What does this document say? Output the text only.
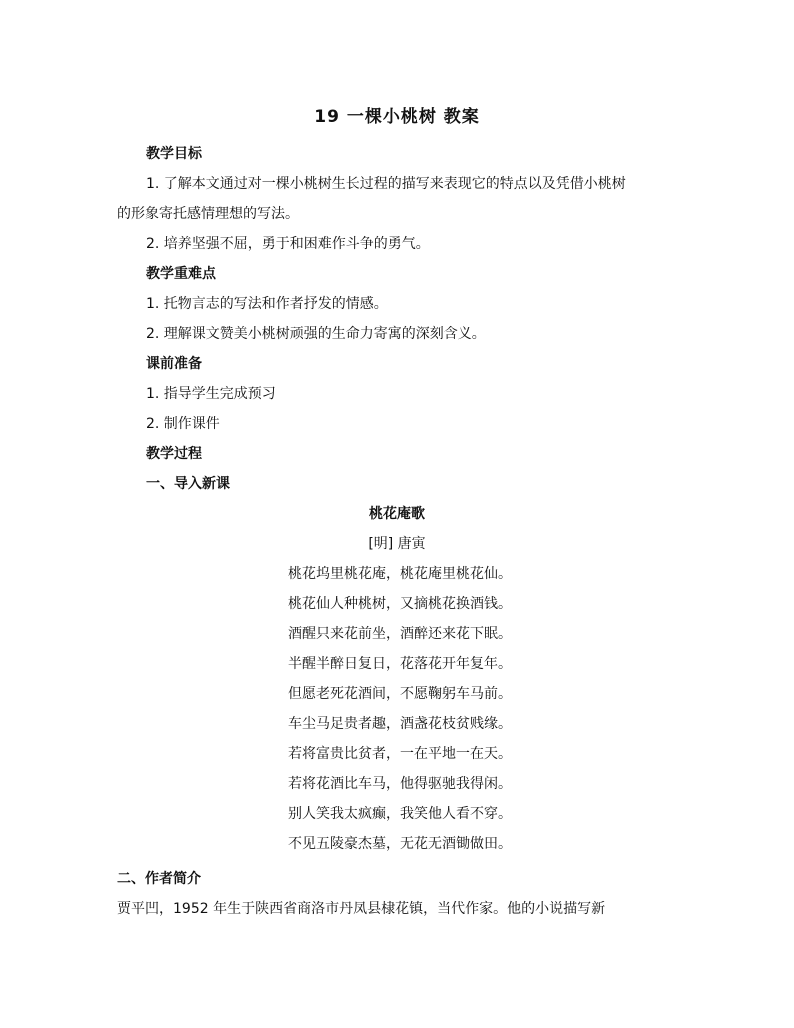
19 一棵小桃树 教案
教学目标
1. 了解本文通过对一棵小桃树生长过程的描写来表现它的特点以及凭借小桃树
的形象寄托感情理想的写法。
2. 培养坚强不屈，勇于和困难作斗争的勇气。
教学重难点
1. 托物言志的写法和作者抒发的情感。
2. 理解课文赞美小桃树顽强的生命力寄寓的深刻含义。
课前准备
1. 指导学生完成预习
2. 制作课件
教学过程
一、导入新课
桃花庵歌
[明] 唐寅
桃花坞里桃花庵，桃花庵里桃花仙。
桃花仙人种桃树，又摘桃花换酒钱。
酒醒只来花前坐，酒醉还来花下眠。
半醒半醉日复日，花落花开年复年。
但愿老死花酒间，不愿鞠躬车马前。
车尘马足贵者趣，酒盏花枝贫贱缘。
若将富贵比贫者，一在平地一在天。
若将花酒比车马，他得驱驰我得闲。
别人笑我太疯癫，我笑他人看不穿。
不见五陵豪杰墓，无花无酒锄做田。
二、作者简介
贾平凹，1952 年生于陕西省商洛市丹凤县棣花镇，当代作家。他的小说描写新
